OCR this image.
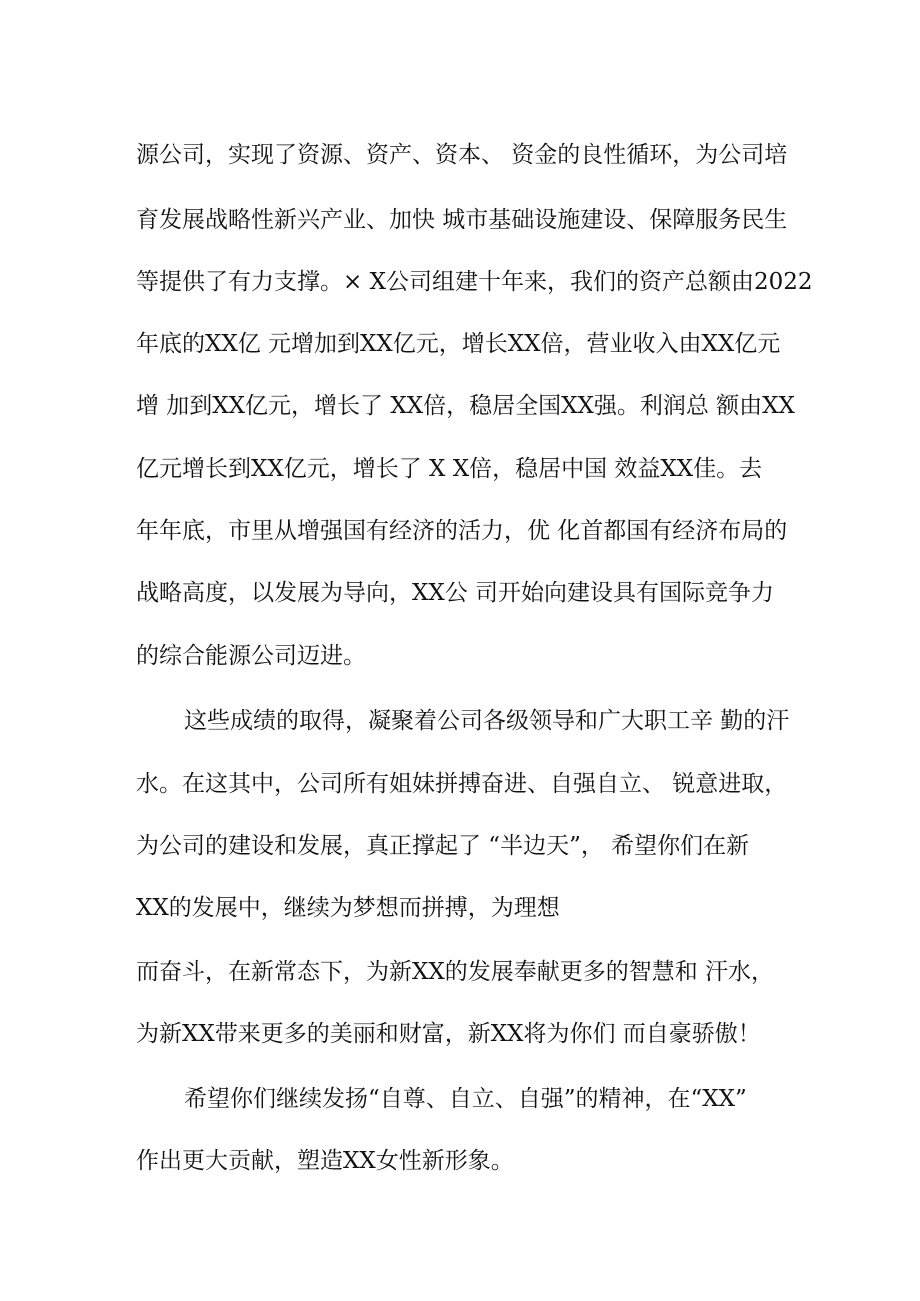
源公司，实现了资源、资产、资本、 资金的良性循环，为公司培
育发展战略性新兴产业、加快 城市基础设施建设、保障服务民生
等提供了有力支撑。× X公司组建十年来，我们的资产总额由2022
年底的XX亿 元增加到XX亿元，增长XX倍，营业收入由XX亿元
增 加到XX亿元，增长了 XX倍，稳居全国XX强。利润总 额由XX
亿元增长到XX亿元，增长了 X X倍，稳居中国 效益XX佳。去
年年底，市里从增强国有经济的活力，优 化首都国有经济布局的
战略高度，以发展为导向，XX公 司开始向建设具有国际竞争力
的综合能源公司迈进。
这些成绩的取得，凝聚着公司各级领导和广大职工辛 勤的汗
水。在这其中，公司所有姐妹拼搏奋进、自强自立、 锐意进取，
为公司的建设和发展，真正撑起了 “半边天”， 希望你们在新
XX的发展中，继续为梦想而拼搏，为理想
而奋斗，在新常态下，为新XX的发展奉献更多的智慧和 汗水，
为新XX带来更多的美丽和财富，新XX将为你们 而自豪骄傲！
希望你们继续发扬“自尊、自立、自强”的精神，在“XX”
作出更大贡献，塑造XX女性新形象。
